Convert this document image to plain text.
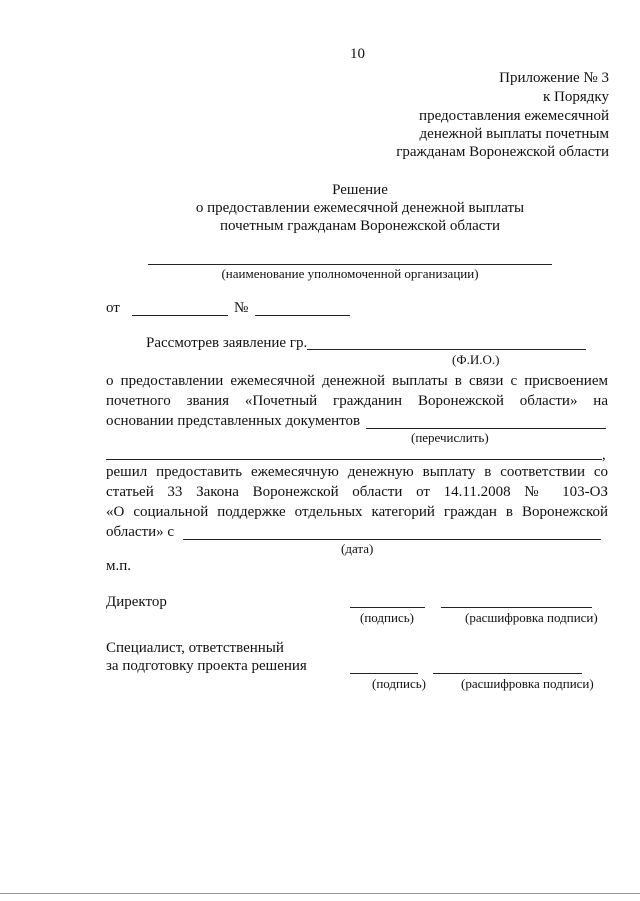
10
Приложение № 3
к Порядку
предоставления ежемесячной
денежной выплаты почетным
гражданам Воронежской области
Решение
о предоставлении ежемесячной денежной выплаты
почетным гражданам Воронежской области
(наименование уполномоченной организации)
от	№
Рассмотрев заявление гр.
(Ф.И.О.)
о предоставлении ежемесячной денежной выплаты в связи с присвоением
почетного звания «Почетный гражданин Воронежской области» на
основании представленных документов
(перечислить)
,
решил предоставить ежемесячную денежную выплату в соответствии со
статьей 33 Закона Воронежской области от 14.11.2008 № 103-ОЗ
«О социальной поддержке отдельных категорий граждан в Воронежской
области» с
(дата)
м.п.
Директор
(подпись)	(расшифровка подписи)
Специалист, ответственный
за подготовку проекта решения
(подпись)	(расшифровка подписи)
